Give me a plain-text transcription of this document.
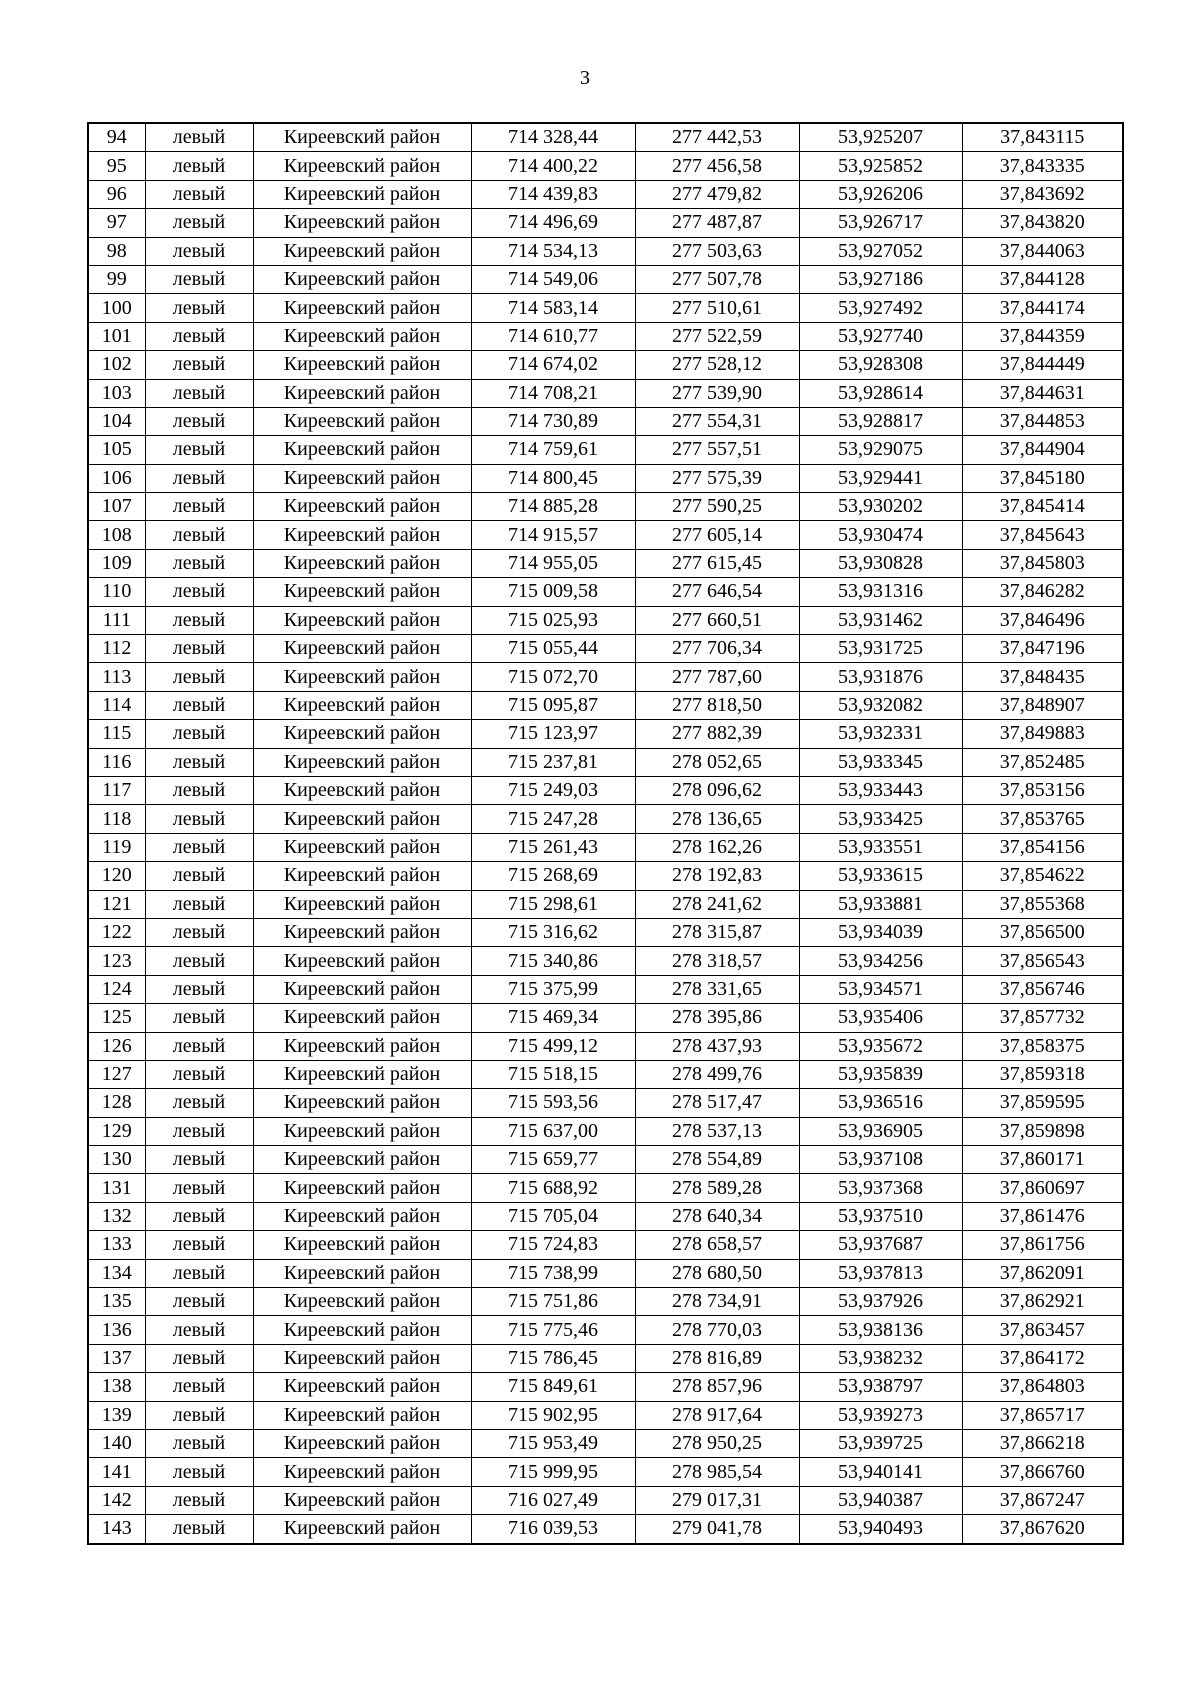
3
94	левый	Киреевский район	714 328,44	277 442,53	53,925207	37,843115
95	левый	Киреевский район	714 400,22	277 456,58	53,925852	37,843335
96	левый	Киреевский район	714 439,83	277 479,82	53,926206	37,843692
97	левый	Киреевский район	714 496,69	277 487,87	53,926717	37,843820
98	левый	Киреевский район	714 534,13	277 503,63	53,927052	37,844063
99	левый	Киреевский район	714 549,06	277 507,78	53,927186	37,844128
100	левый	Киреевский район	714 583,14	277 510,61	53,927492	37,844174
101	левый	Киреевский район	714 610,77	277 522,59	53,927740	37,844359
102	левый	Киреевский район	714 674,02	277 528,12	53,928308	37,844449
103	левый	Киреевский район	714 708,21	277 539,90	53,928614	37,844631
104	левый	Киреевский район	714 730,89	277 554,31	53,928817	37,844853
105	левый	Киреевский район	714 759,61	277 557,51	53,929075	37,844904
106	левый	Киреевский район	714 800,45	277 575,39	53,929441	37,845180
107	левый	Киреевский район	714 885,28	277 590,25	53,930202	37,845414
108	левый	Киреевский район	714 915,57	277 605,14	53,930474	37,845643
109	левый	Киреевский район	714 955,05	277 615,45	53,930828	37,845803
110	левый	Киреевский район	715 009,58	277 646,54	53,931316	37,846282
111	левый	Киреевский район	715 025,93	277 660,51	53,931462	37,846496
112	левый	Киреевский район	715 055,44	277 706,34	53,931725	37,847196
113	левый	Киреевский район	715 072,70	277 787,60	53,931876	37,848435
114	левый	Киреевский район	715 095,87	277 818,50	53,932082	37,848907
115	левый	Киреевский район	715 123,97	277 882,39	53,932331	37,849883
116	левый	Киреевский район	715 237,81	278 052,65	53,933345	37,852485
117	левый	Киреевский район	715 249,03	278 096,62	53,933443	37,853156
118	левый	Киреевский район	715 247,28	278 136,65	53,933425	37,853765
119	левый	Киреевский район	715 261,43	278 162,26	53,933551	37,854156
120	левый	Киреевский район	715 268,69	278 192,83	53,933615	37,854622
121	левый	Киреевский район	715 298,61	278 241,62	53,933881	37,855368
122	левый	Киреевский район	715 316,62	278 315,87	53,934039	37,856500
123	левый	Киреевский район	715 340,86	278 318,57	53,934256	37,856543
124	левый	Киреевский район	715 375,99	278 331,65	53,934571	37,856746
125	левый	Киреевский район	715 469,34	278 395,86	53,935406	37,857732
126	левый	Киреевский район	715 499,12	278 437,93	53,935672	37,858375
127	левый	Киреевский район	715 518,15	278 499,76	53,935839	37,859318
128	левый	Киреевский район	715 593,56	278 517,47	53,936516	37,859595
129	левый	Киреевский район	715 637,00	278 537,13	53,936905	37,859898
130	левый	Киреевский район	715 659,77	278 554,89	53,937108	37,860171
131	левый	Киреевский район	715 688,92	278 589,28	53,937368	37,860697
132	левый	Киреевский район	715 705,04	278 640,34	53,937510	37,861476
133	левый	Киреевский район	715 724,83	278 658,57	53,937687	37,861756
134	левый	Киреевский район	715 738,99	278 680,50	53,937813	37,862091
135	левый	Киреевский район	715 751,86	278 734,91	53,937926	37,862921
136	левый	Киреевский район	715 775,46	278 770,03	53,938136	37,863457
137	левый	Киреевский район	715 786,45	278 816,89	53,938232	37,864172
138	левый	Киреевский район	715 849,61	278 857,96	53,938797	37,864803
139	левый	Киреевский район	715 902,95	278 917,64	53,939273	37,865717
140	левый	Киреевский район	715 953,49	278 950,25	53,939725	37,866218
141	левый	Киреевский район	715 999,95	278 985,54	53,940141	37,866760
142	левый	Киреевский район	716 027,49	279 017,31	53,940387	37,867247
143	левый	Киреевский район	716 039,53	279 041,78	53,940493	37,867620
